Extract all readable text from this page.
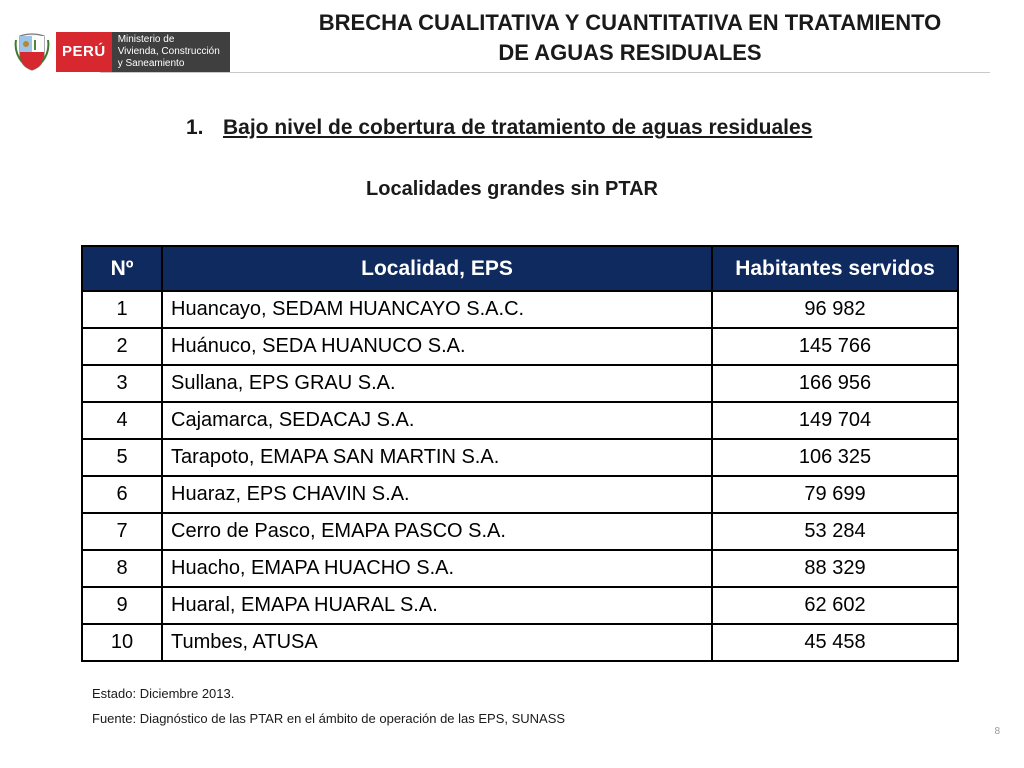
PERÚ
Ministerio de
Vivienda, Construcción
y Saneamiento
BRECHA CUALITATIVA Y CUANTITATIVA EN TRATAMIENTO
DE AGUAS RESIDUALES
1. Bajo nivel de cobertura de tratamiento de aguas residuales
Localidades grandes sin PTAR
Nº	Localidad, EPS	Habitantes servidos
1	Huancayo, SEDAM HUANCAYO S.A.C.	96 982
2	Huánuco, SEDA HUANUCO S.A.	145 766
3	Sullana, EPS GRAU S.A.	166 956
4	Cajamarca, SEDACAJ S.A.	149 704
5	Tarapoto, EMAPA SAN MARTIN S.A.	106 325
6	Huaraz, EPS CHAVIN S.A.	79 699
7	Cerro de Pasco, EMAPA PASCO S.A.	53 284
8	Huacho, EMAPA HUACHO S.A.	88 329
9	Huaral, EMAPA HUARAL S.A.	62 602
10	Tumbes, ATUSA	45 458
Estado: Diciembre 2013.
Fuente: Diagnóstico de las PTAR en el ámbito de operación de las EPS, SUNASS
8
